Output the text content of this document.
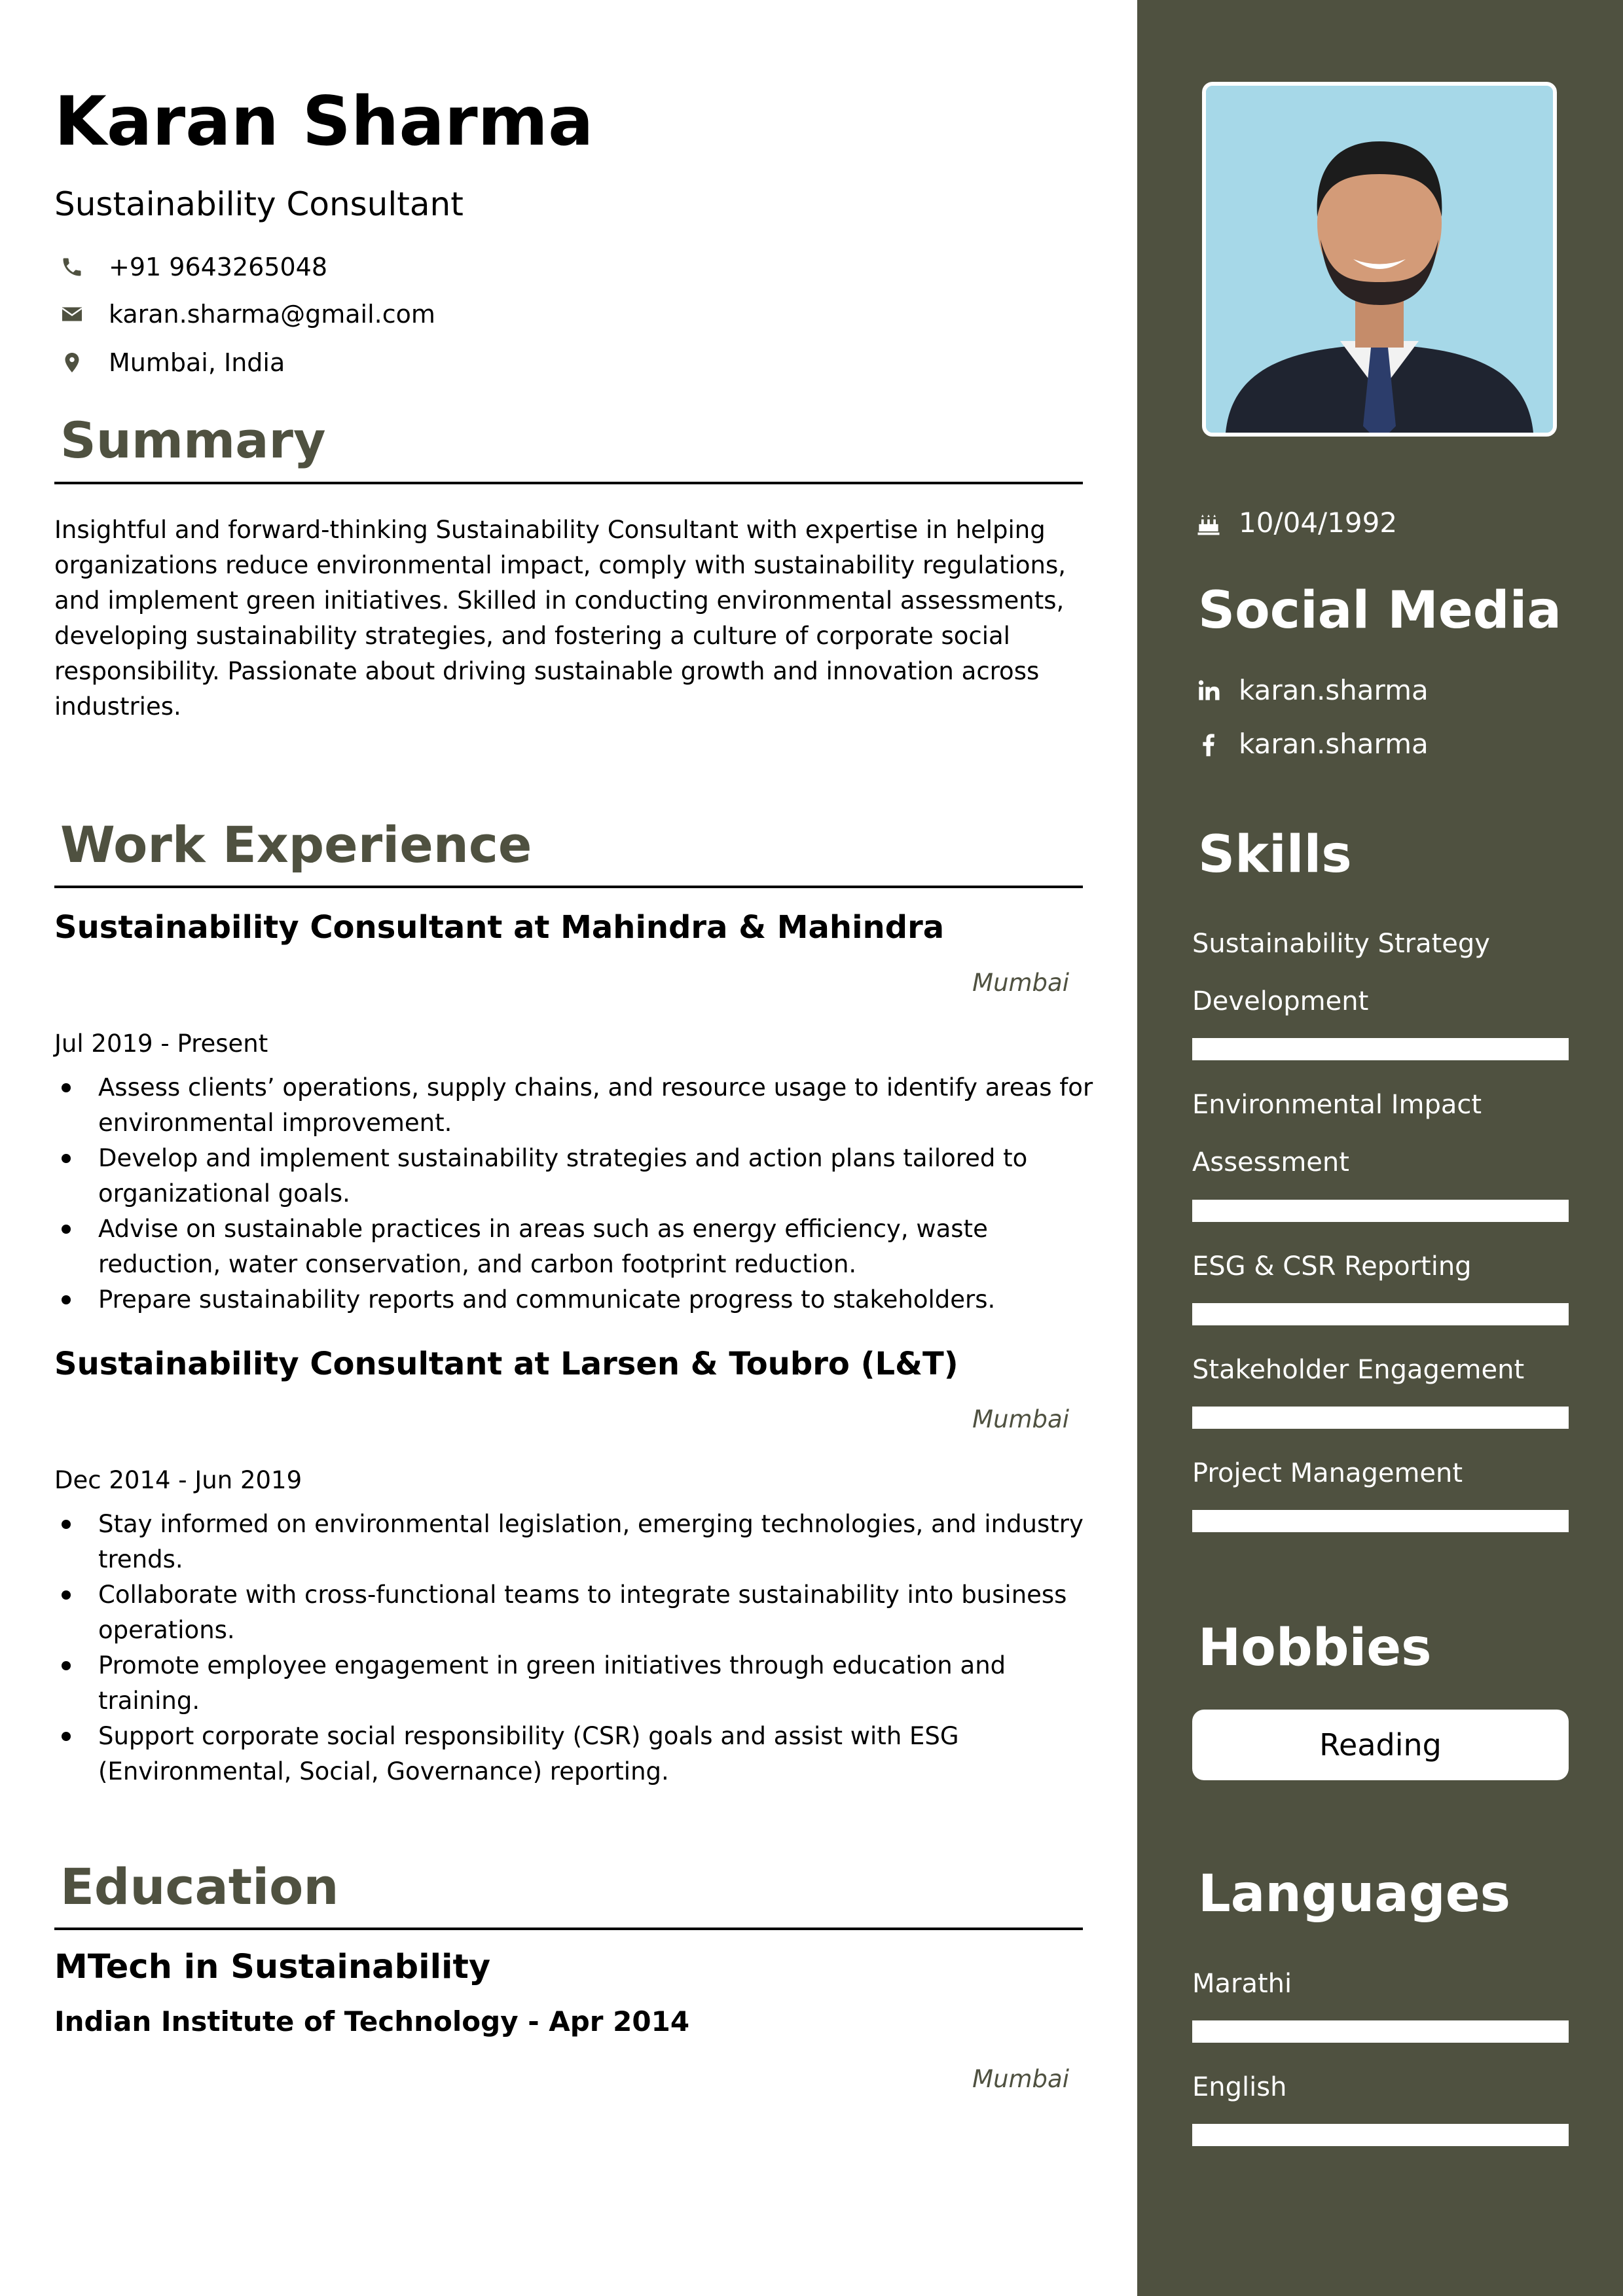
Karan Sharma
Sustainability Consultant
+91 9643265048
karan.sharma@gmail.com
Mumbai, India
Summary
Insightful and forward-thinking Sustainability Consultant with expertise in helping organizations reduce environmental impact, comply with sustainability regulations, and implement green initiatives. Skilled in conducting environmental assessments, developing sustainability strategies, and fostering a culture of corporate social responsibility. Passionate about driving sustainable growth and innovation across industries.
Work Experience
Sustainability Consultant at Mahindra & Mahindra
Mumbai
Jul 2019 - Present
Assess clients’ operations, supply chains, and resource usage to identify areas for environmental improvement.
Develop and implement sustainability strategies and action plans tailored to organizational goals.
Advise on sustainable practices in areas such as energy efficiency, waste reduction, water conservation, and carbon footprint reduction.
Prepare sustainability reports and communicate progress to stakeholders.
Sustainability Consultant at Larsen & Toubro (L&T)
Mumbai
Dec 2014 - Jun 2019
Stay informed on environmental legislation, emerging technologies, and industry trends.
Collaborate with cross-functional teams to integrate sustainability into business operations.
Promote employee engagement in green initiatives through education and training.
Support corporate social responsibility (CSR) goals and assist with ESG (Environmental, Social, Governance) reporting.
Education
MTech in Sustainability
Indian Institute of Technology - Apr 2014
Mumbai
10/04/1992
Social Media
karan.sharma
karan.sharma
Skills
Sustainability Strategy Development
Environmental Impact Assessment
ESG & CSR Reporting
Stakeholder Engagement
Project Management
Hobbies
Reading
Languages
Marathi
English
